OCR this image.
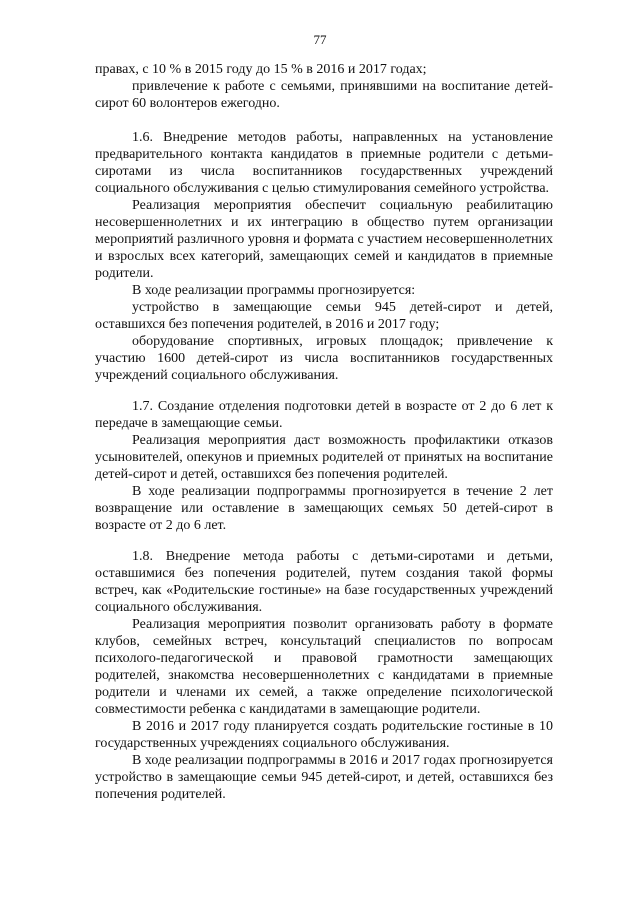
77

правах, с 10 % в 2015 году до 15 % в 2016 и 2017 годах;

привлечение к работе с семьями, принявшими на воспитание детей-сирот 60 волонтеров ежегодно.

1.6. Внедрение методов работы, направленных на установление предварительного контакта кандидатов в приемные родители с детьми-сиротами из числа воспитанников государственных учреждений социального обслуживания с целью стимулирования семейного устройства.

Реализация мероприятия обеспечит социальную реабилитацию несовершеннолетних и их интеграцию в общество путем организации мероприятий различного уровня и формата с участием несовершеннолетних и взрослых всех категорий, замещающих семей и кандидатов в приемные родители.

В ходе реализации программы прогнозируется:

устройство в замещающие семьи 945 детей-сирот и детей, оставшихся без попечения родителей, в 2016 и 2017 году;

оборудование спортивных, игровых площадок; привлечение к участию 1600 детей-сирот из числа воспитанников государственных учреждений социального обслуживания.

1.7. Создание отделения подготовки детей в возрасте от 2 до 6 лет к передаче в замещающие семьи.

Реализация мероприятия даст возможность профилактики отказов усыновителей, опекунов и приемных родителей от принятых на воспитание детей-сирот и детей, оставшихся без попечения родителей.

В ходе реализации подпрограммы прогнозируется в течение 2 лет возвращение или оставление в замещающих семьях 50 детей-сирот в возрасте от 2 до 6 лет.

1.8. Внедрение метода работы с детьми-сиротами и детьми, оставшимися без попечения родителей, путем создания такой формы встреч, как «Родительские гостиные» на базе государственных учреждений социального обслуживания.

Реализация мероприятия позволит организовать работу в формате клубов, семейных встреч, консультаций специалистов по вопросам психолого-педагогической и правовой грамотности замещающих родителей, знакомства несовершеннолетних с кандидатами в приемные родители и членами их семей, а также определение психологической совместимости ребенка с кандидатами в замещающие родители.

В 2016 и 2017 году планируется создать родительские гостиные в 10 государственных учреждениях социального обслуживания.

В ходе реализации подпрограммы в 2016 и 2017 годах прогнозируется устройство в замещающие семьи 945 детей-сирот, и детей, оставшихся без попечения родителей.
